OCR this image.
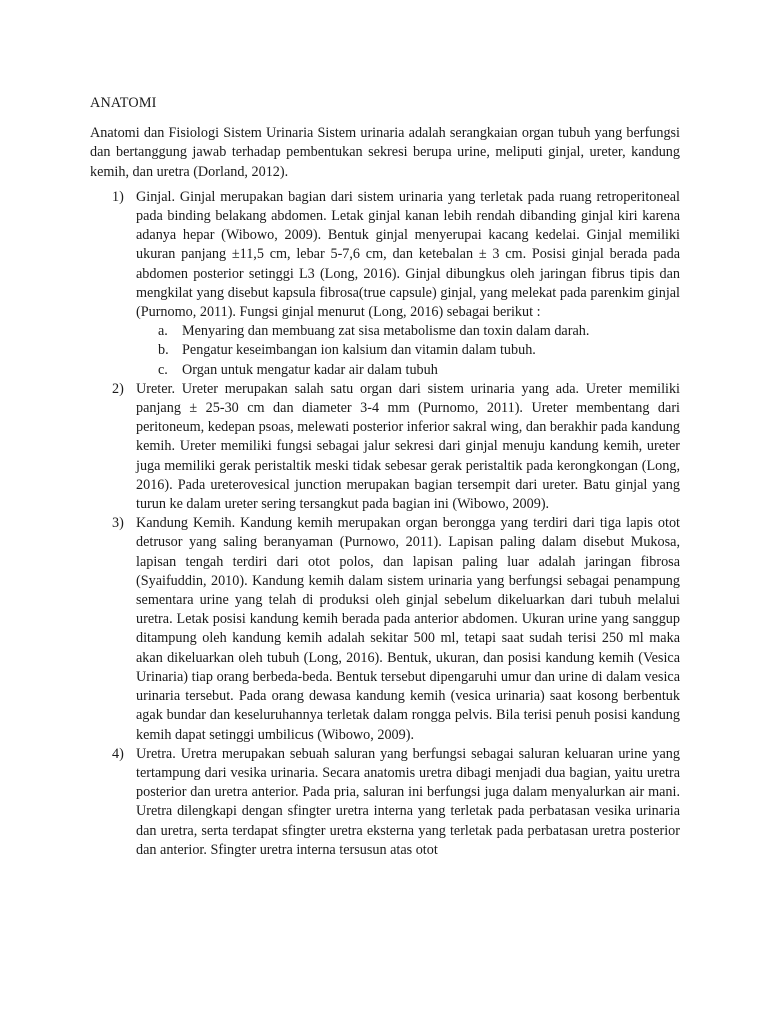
ANATOMI

Anatomi dan Fisiologi Sistem Urinaria Sistem urinaria adalah serangkaian organ tubuh yang berfungsi dan bertanggung jawab terhadap pembentukan sekresi berupa urine, meliputi ginjal, ureter, kandung kemih, dan uretra (Dorland, 2012).

1) Ginjal. Ginjal merupakan bagian dari sistem urinaria yang terletak pada ruang retroperitoneal pada binding belakang abdomen. Letak ginjal kanan lebih rendah dibanding ginjal kiri karena adanya hepar (Wibowo, 2009). Bentuk ginjal menyerupai kacang kedelai. Ginjal memiliki ukuran panjang ±11,5 cm, lebar 5-7,6 cm, dan ketebalan ± 3 cm. Posisi ginjal berada pada abdomen posterior setinggi L3 (Long, 2016). Ginjal dibungkus oleh jaringan fibrus tipis dan mengkilat yang disebut kapsula fibrosa(true capsule) ginjal, yang melekat pada parenkim ginjal (Purnomo, 2011). Fungsi ginjal menurut (Long, 2016) sebagai berikut :
a. Menyaring dan membuang zat sisa metabolisme dan toxin dalam darah.
b. Pengatur keseimbangan ion kalsium dan vitamin dalam tubuh.
c. Organ untuk mengatur kadar air dalam tubuh
2) Ureter. Ureter merupakan salah satu organ dari sistem urinaria yang ada. Ureter memiliki panjang ± 25-30 cm dan diameter 3-4 mm (Purnomo, 2011). Ureter membentang dari peritoneum, kedepan psoas, melewati posterior inferior sakral wing, dan berakhir pada kandung kemih. Ureter memiliki fungsi sebagai jalur sekresi dari ginjal menuju kandung kemih, ureter juga memiliki gerak peristaltik meski tidak sebesar gerak peristaltik pada kerongkongan (Long, 2016). Pada ureterovesical junction merupakan bagian tersempit dari ureter. Batu ginjal yang turun ke dalam ureter sering tersangkut pada bagian ini (Wibowo, 2009).
3) Kandung Kemih. Kandung kemih merupakan organ berongga yang terdiri dari tiga lapis otot detrusor yang saling beranyaman (Purnowo, 2011). Lapisan paling dalam disebut Mukosa, lapisan tengah terdiri dari otot polos, dan lapisan paling luar adalah jaringan fibrosa (Syaifuddin, 2010). Kandung kemih dalam sistem urinaria yang berfungsi sebagai penampung sementara urine yang telah di produksi oleh ginjal sebelum dikeluarkan dari tubuh melalui uretra. Letak posisi kandung kemih berada pada anterior abdomen. Ukuran urine yang sanggup ditampung oleh kandung kemih adalah sekitar 500 ml, tetapi saat sudah terisi 250 ml maka akan dikeluarkan oleh tubuh (Long, 2016). Bentuk, ukuran, dan posisi kandung kemih (Vesica Urinaria) tiap orang berbeda-beda. Bentuk tersebut dipengaruhi umur dan urine di dalam vesica urinaria tersebut. Pada orang dewasa kandung kemih (vesica urinaria) saat kosong berbentuk agak bundar dan keseluruhannya terletak dalam rongga pelvis. Bila terisi penuh posisi kandung kemih dapat setinggi umbilicus (Wibowo, 2009).
4) Uretra. Uretra merupakan sebuah saluran yang berfungsi sebagai saluran keluaran urine yang tertampung dari vesika urinaria. Secara anatomis uretra dibagi menjadi dua bagian, yaitu uretra posterior dan uretra anterior. Pada pria, saluran ini berfungsi juga dalam menyalurkan air mani. Uretra dilengkapi dengan sfingter uretra interna yang terletak pada perbatasan vesika urinaria dan uretra, serta terdapat sfingter uretra eksterna yang terletak pada perbatasan uretra posterior dan anterior. Sfingter uretra interna tersusun atas otot
